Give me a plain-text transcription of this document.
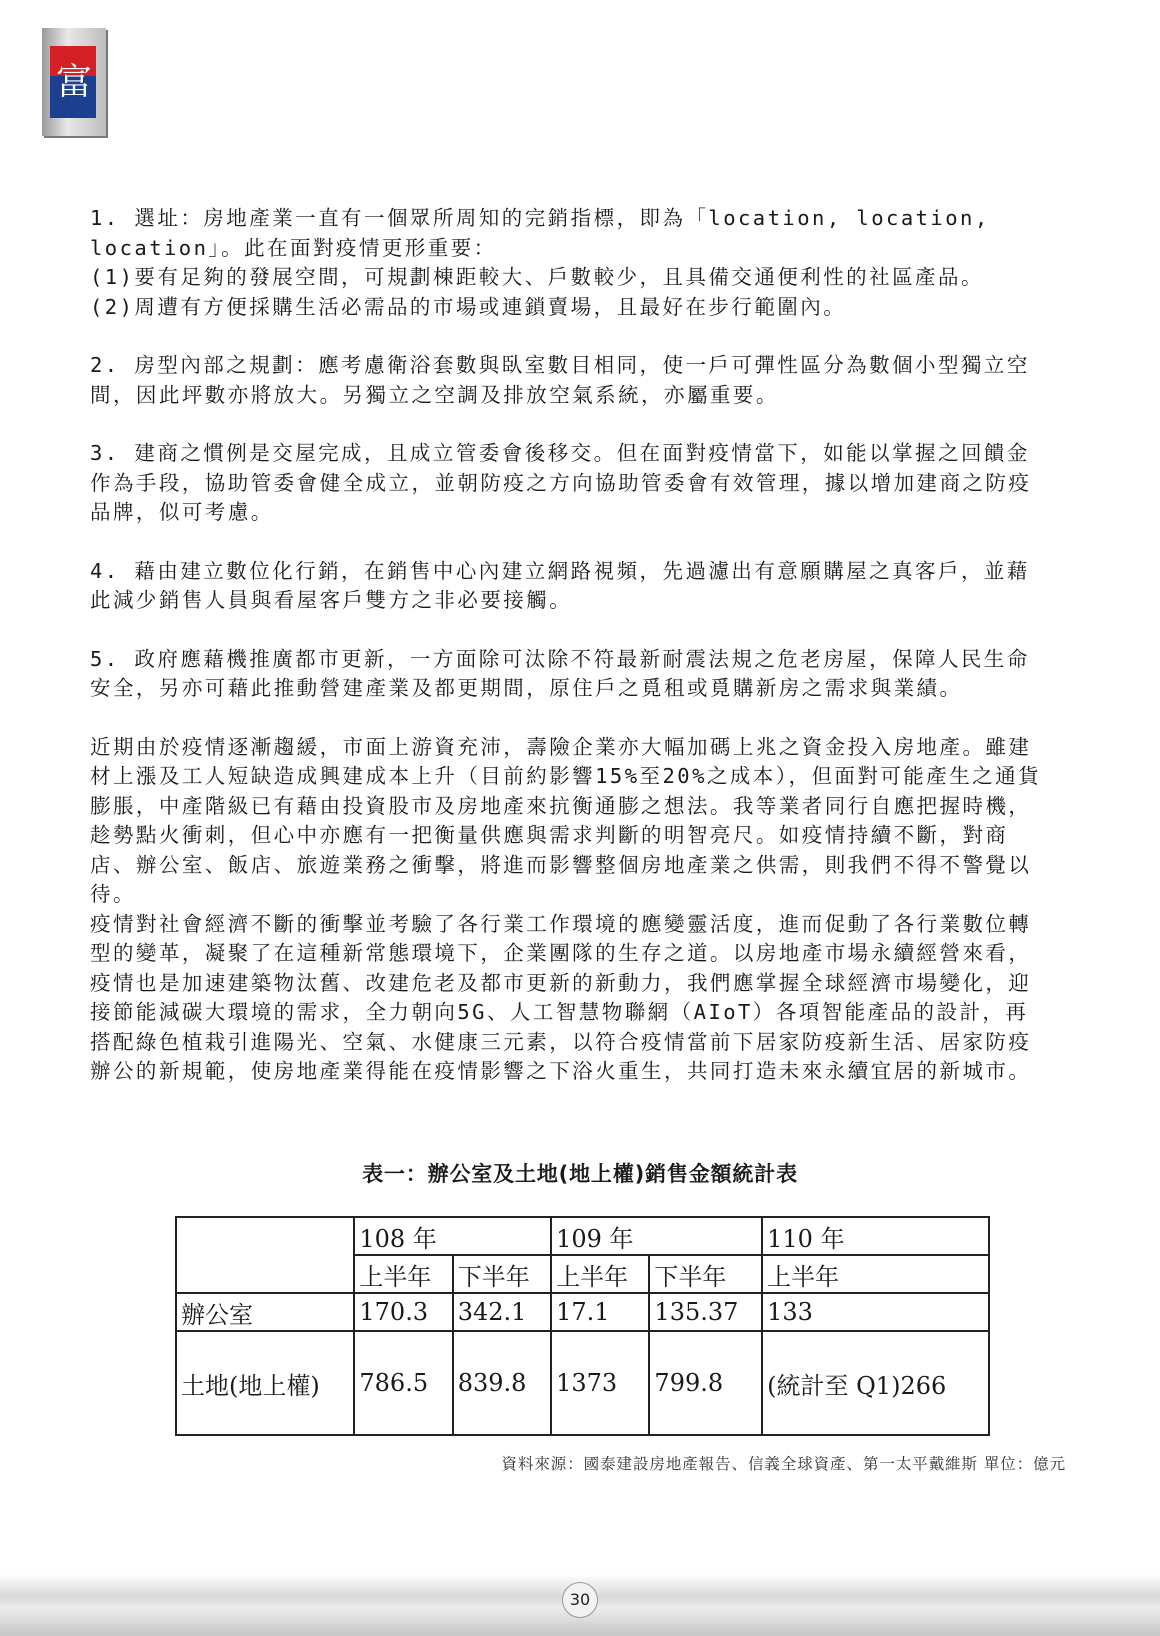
富

1. 選址：房地產業一直有一個眾所周知的完銷指標，即為「location, location,

location」。此在面對疫情更形重要：

(1)要有足夠的發展空間，可規劃棟距較大、戶數較少，且具備交通便利性的社區產品。

(2)周遭有方便採購生活必需品的市場或連鎖賣場，且最好在步行範圍內。

2. 房型內部之規劃：應考慮衛浴套數與臥室數目相同，使一戶可彈性區分為數個小型獨立空

間，因此坪數亦將放大。另獨立之空調及排放空氣系統，亦屬重要。

3. 建商之慣例是交屋完成，且成立管委會後移交。但在面對疫情當下，如能以掌握之回饋金

作為手段，協助管委會健全成立，並朝防疫之方向協助管委會有效管理，據以增加建商之防疫

品牌，似可考慮。

4. 藉由建立數位化行銷，在銷售中心內建立網路視頻，先過濾出有意願購屋之真客戶，並藉

此減少銷售人員與看屋客戶雙方之非必要接觸。

5. 政府應藉機推廣都市更新，一方面除可汰除不符最新耐震法規之危老房屋，保障人民生命

安全，另亦可藉此推動營建產業及都更期間，原住戶之覓租或覓購新房之需求與業績。

近期由於疫情逐漸趨緩，市面上游資充沛，壽險企業亦大幅加碼上兆之資金投入房地產。雖建

材上漲及工人短缺造成興建成本上升（目前約影響15%至20%之成本），但面對可能產生之通貨

膨脹，中產階級已有藉由投資股市及房地產來抗衡通膨之想法。我等業者同行自應把握時機，

趁勢點火衝刺，但心中亦應有一把衡量供應與需求判斷的明智亮尺。如疫情持續不斷，對商

店、辦公室、飯店、旅遊業務之衝擊，將進而影響整個房地產業之供需，則我們不得不警覺以

待。

疫情對社會經濟不斷的衝擊並考驗了各行業工作環境的應變靈活度，進而促動了各行業數位轉

型的變革，凝聚了在這種新常態環境下，企業團隊的生存之道。以房地產市場永續經營來看，

疫情也是加速建築物汰舊、改建危老及都市更新的新動力，我們應掌握全球經濟市場變化，迎

接節能減碳大環境的需求，全力朝向5G、人工智慧物聯網（AIoT）各項智能產品的設計，再

搭配綠色植栽引進陽光、空氣、水健康三元素，以符合疫情當前下居家防疫新生活、居家防疫

辦公的新規範，使房地產業得能在疫情影響之下浴火重生，共同打造未來永續宜居的新城市。

表一：辦公室及土地(地上權)銷售金額統計表
	108 年		109 年		110 年
	上半年	下半年	上半年	下半年	上半年
辦公室	170.3	342.1	17.1	135.37	133
土地(地上權)	786.5	839.8	1373	799.8	(統計至 Q1)266
資料來源：國泰建設房地產報告、信義全球資產、第一太平戴維斯 單位：億元
30
